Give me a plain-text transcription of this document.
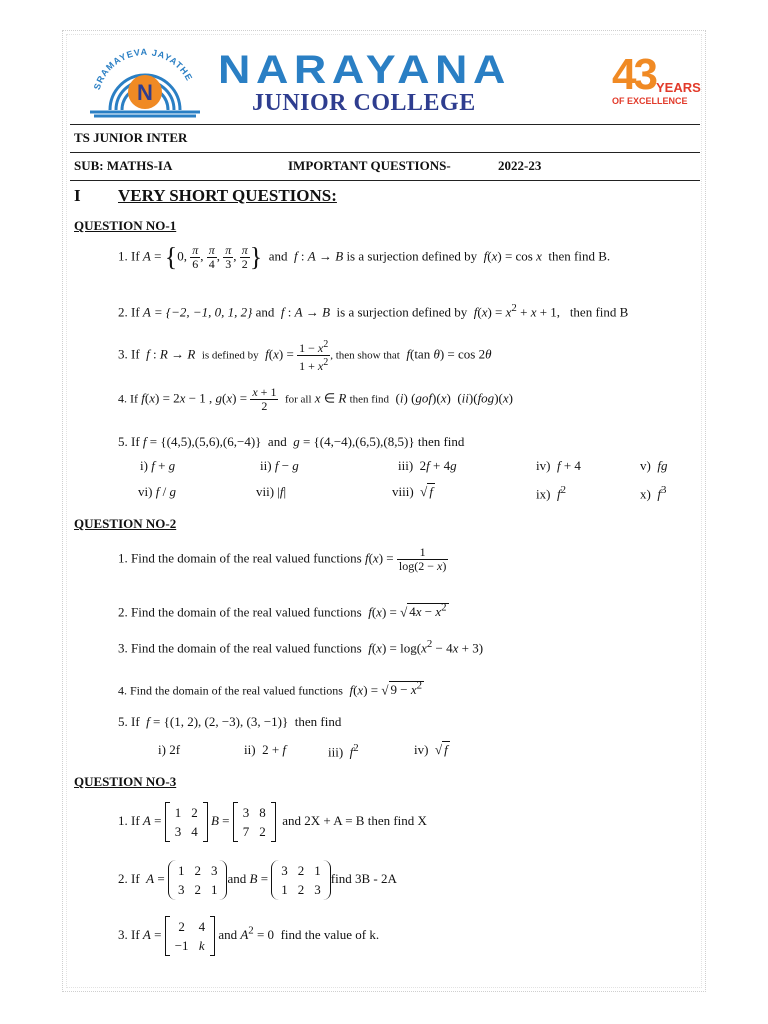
SRAMAYEVA JAYATHE
N
NARAYANA
JUNIOR COLLEGE
43 YEARS
OF EXCELLENCE
TS JUNIOR INTER
SUB: MATHS-IA	IMPORTANT QUESTIONS-	2022-23
I VERY SHORT QUESTIONS:
QUESTION NO-1
1. If A = {0, $\frac{\pi}{6}$ , $\frac{\pi}{4}$ , $\frac{\pi}{3}$ , $\frac{\pi}{2}$ } and f : A → B is a surjection defined by f(x) = cos x then find B.
2. If A = {−2, −1, 0, 1, 2} and f : A → B is a surjection defined by $f(x) = x^2 + x + 1$,   then find B
3. If f : R → R is defined by $f(x) = \frac{1 - x^2}{1 + x^2}$ , then show that f(tan θ) = cos 2θ
4. If f(x) = 2x − 1 , $g(x) = \frac{x + 1}{2}$ for all x ∈ R then find  (i) (gof)(x)  (ii)(fog)(x)
5. If f = {(4,5),(5,6),(6,−4)}  and g = {(4,−4),(6,5),(8,5)} then find
i) f + g	ii) f − g	iii)  2f + 4g	iv) f + 4	v) fg
vi) f / g	vii) |f|	viii)  √ f	ix) $f^2$	x) $f^3$
QUESTION NO-2
1. Find the domain of the real valued functions $f(x) = \frac{1}{\log(2 - x)}$
2. Find the domain of the real valued functions f(x) = √ $4x - x^2$
3. Find the domain of the real valued functions $f(x) = \log(x^2 - 4x + 3)$
4. Find the domain of the real valued functions f(x) = √ $9 - x^2$
5. If f = {(1, 2), (2, −3), (3, −1)}  then find
i) 2f	ii)  2 + f	iii) $f^2$	iv)  √ f
QUESTION NO-3
1. If A =
1	2
3	4
B =
3	8
7	2
and 2X + A = B then find X
2. If A =
1	2	3
3	2	1
and B =
3	2	1
1	2	3
find 3B - 2A
3. If A =
2	4
−1	k
and $A^2 = 0$  find the value of k.
